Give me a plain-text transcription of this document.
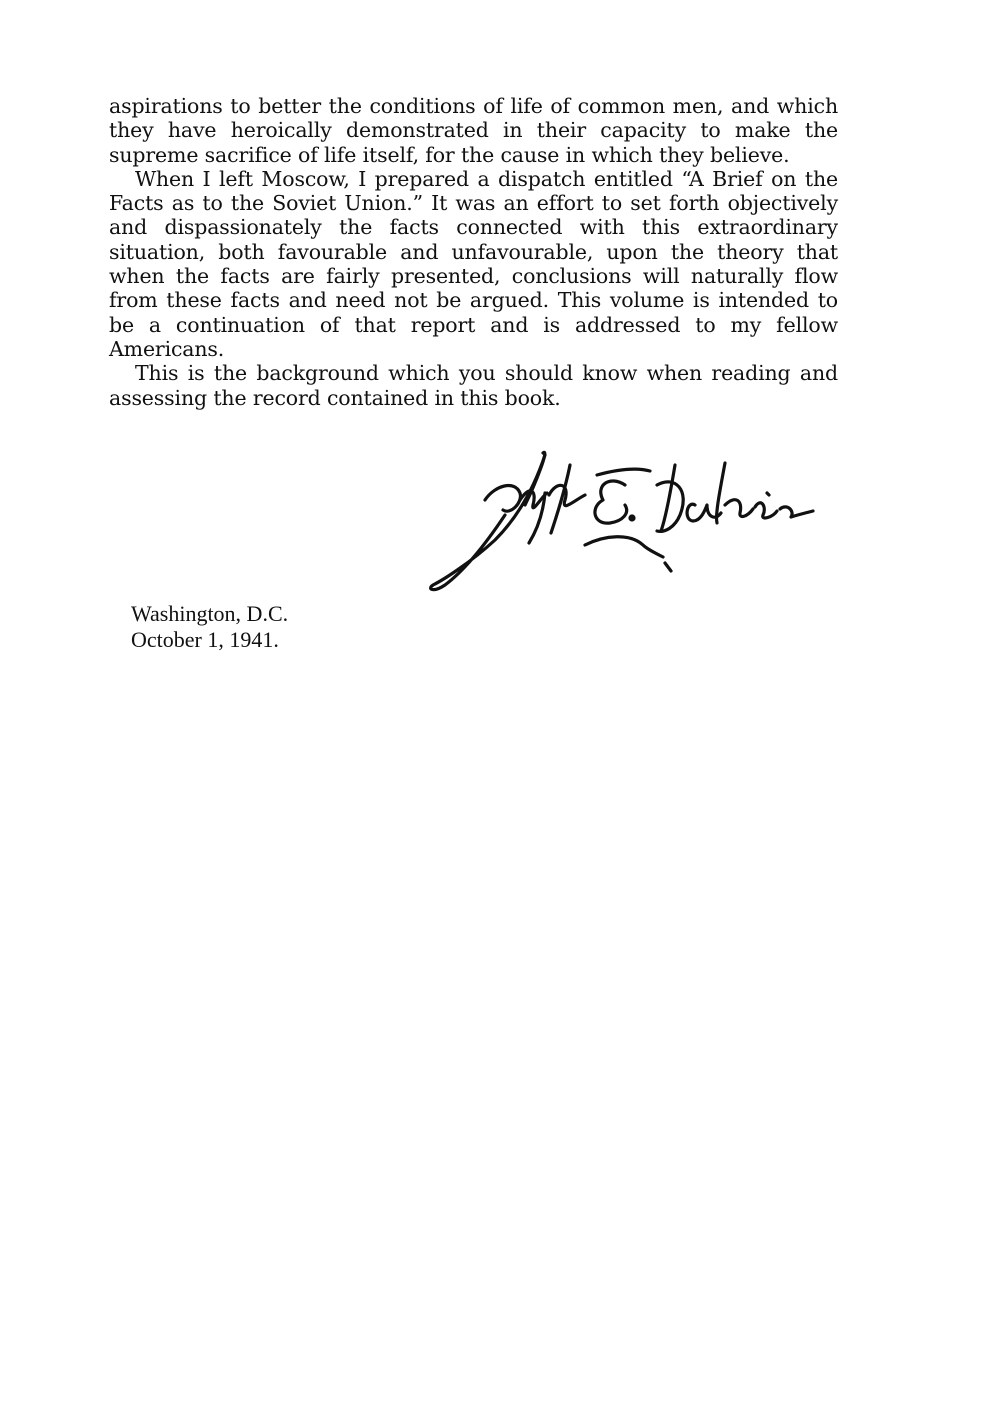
aspirations to better the conditions of life of common men, and which they have heroically demonstrated in their capacity to make the supreme sacrifice of life itself, for the cause in which they believe.

When I left Moscow, I prepared a dispatch entitled “A Brief on the Facts as to the Soviet Union.” It was an effort to set forth objectively and dispassionately the facts connected with this extraordinary situation, both favourable and unfavourable, upon the theory that when the facts are fairly presented, conclusions will naturally flow from these facts and need not be argued. This volume is intended to be a continuation of that report and is addressed to my fellow Americans.

This is the background which you should know when reading and assessing the record contained in this book.

Washington, D.C.
October 1, 1941.
